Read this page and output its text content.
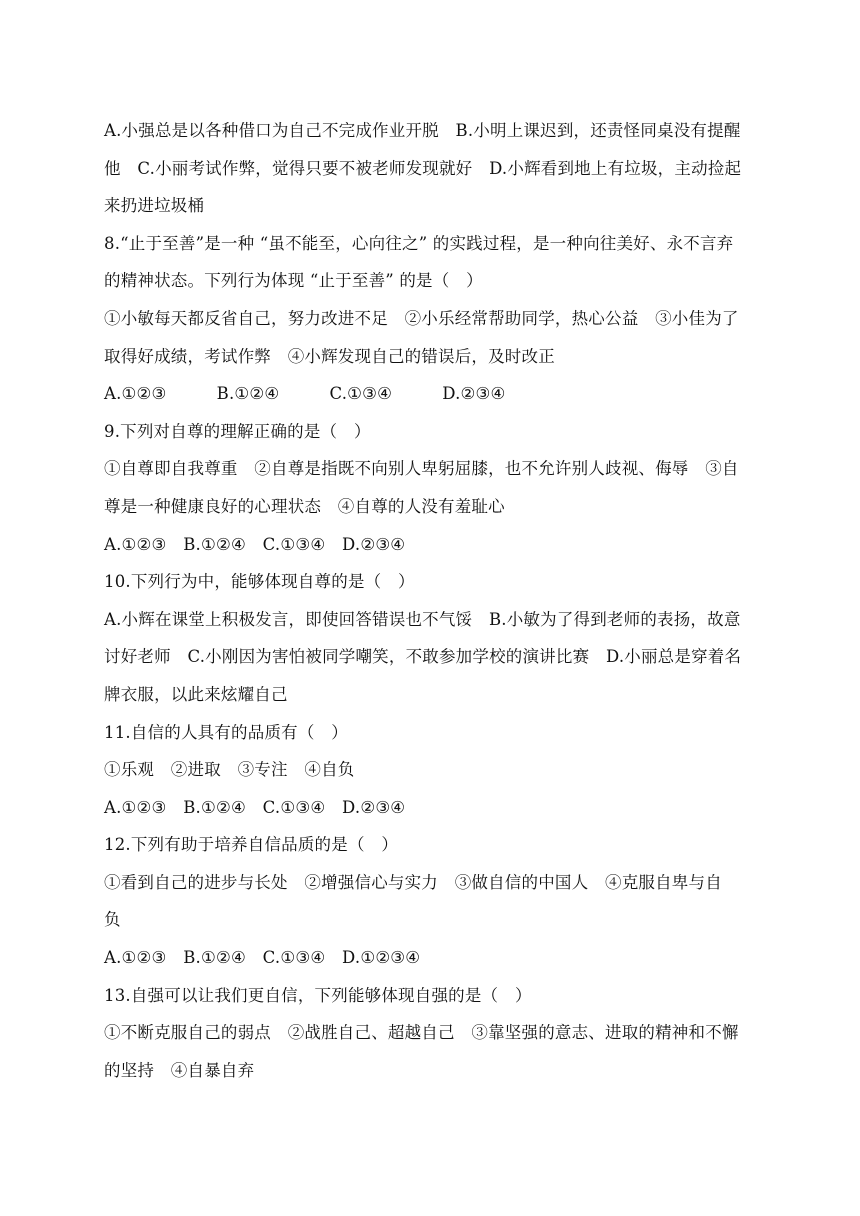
A.小强总是以各种借口为自己不完成作业开脱　B.小明上课迟到，还责怪同桌没有提醒
他　C.小丽考试作弊，觉得只要不被老师发现就好　D.小辉看到地上有垃圾，主动捡起
来扔进垃圾桶
8.“止于至善”是一种 “虽不能至，心向往之” 的实践过程，是一种向往美好、永不言弃
的精神状态。下列行为体现 “止于至善” 的是（　）
①小敏每天都反省自己，努力改进不足　②小乐经常帮助同学，热心公益　③小佳为了
取得好成绩，考试作弊　④小辉发现自己的错误后，及时改正
A.①②③　　　B.①②④　　　C.①③④　　　D.②③④
9.下列对自尊的理解正确的是（　）
①自尊即自我尊重　②自尊是指既不向别人卑躬屈膝，也不允许别人歧视、侮辱　③自
尊是一种健康良好的心理状态　④自尊的人没有羞耻心
A.①②③　B.①②④　C.①③④　D.②③④
10.下列行为中，能够体现自尊的是（　）
A.小辉在课堂上积极发言，即使回答错误也不气馁　B.小敏为了得到老师的表扬，故意
讨好老师　C.小刚因为害怕被同学嘲笑，不敢参加学校的演讲比赛　D.小丽总是穿着名
牌衣服，以此来炫耀自己
11.自信的人具有的品质有（　）
①乐观　②进取　③专注　④自负
A.①②③　B.①②④　C.①③④　D.②③④
12.下列有助于培养自信品质的是（　）
①看到自己的进步与长处　②增强信心与实力　③做自信的中国人　④克服自卑与自
负
A.①②③　B.①②④　C.①③④　D.①②③④
13.自强可以让我们更自信，下列能够体现自强的是（　）
①不断克服自己的弱点　②战胜自己、超越自己　③靠坚强的意志、进取的精神和不懈
的坚持　④自暴自弃
